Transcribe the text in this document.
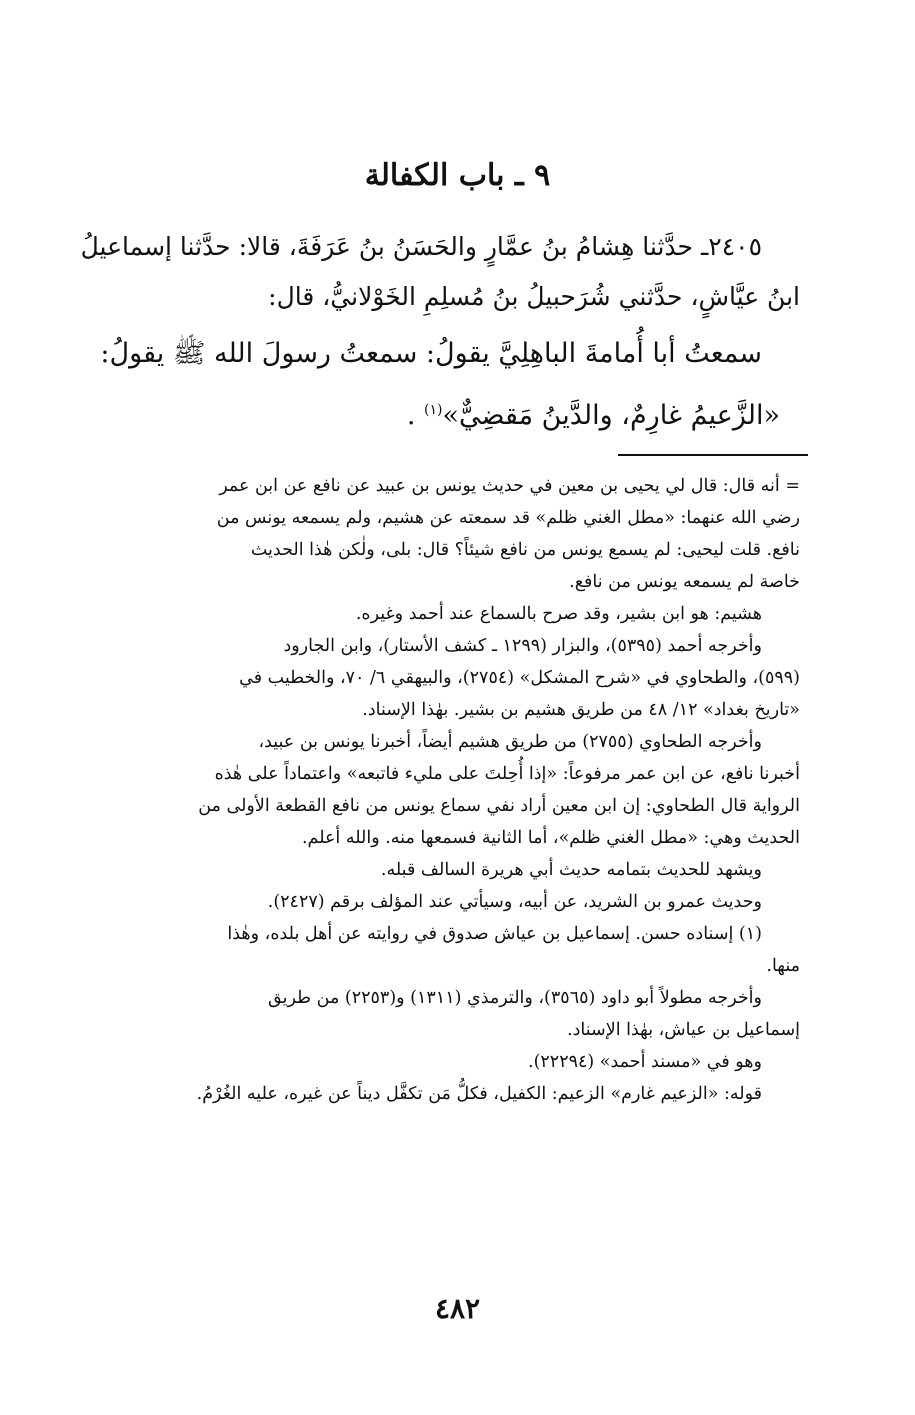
٩ ـ باب الكفالة
٢٤٠٥ـ حدَّثنا هِشامُ بنُ عمَّارٍ والحَسَنُ بنُ عَرَفَةَ، قالا: حدَّثنا إسماعيلُ
ابنُ عيَّاشٍ، حدَّثني شُرَحبيلُ بنُ مُسلِمِ الخَوْلانيُّ، قال:
سمعتُ أبا أُمامةَ الباهِلِيَّ يقولُ: سمعتُ رسولَ الله ﷺ يقولُ:
«الزَّعيمُ غارِمٌ، والدَّينُ مَقضِيٌّ»$^{(١)}$ .
= أنه قال: قال لي يحيى بن معين في حديث يونس بن عبيد عن نافع عن ابن عمر
رضي الله عنهما: «مطل الغني ظلم» قد سمعته عن هشيم، ولم يسمعه يونس من
نافع. قلت ليحيى: لم يسمع يونس من نافع شيئاً؟ قال: بلى، ولٰكن هٰذا الحديث
خاصة لم يسمعه يونس من نافع.
هشيم: هو ابن بشير، وقد صرح بالسماع عند أحمد وغيره.
وأخرجه أحمد (٥٣٩٥)، والبزار (١٢٩٩ ـ كشف الأستار)، وابن الجارود
(٥٩٩)، والطحاوي في «شرح المشكل» (٢٧٥٤)، والبيهقي ٦/ ٧٠، والخطيب في
«تاريخ بغداد» ١٢/ ٤٨ من طريق هشيم بن بشير. بهٰذا الإسناد.
وأخرجه الطحاوي (٢٧٥٥) من طريق هشيم أيضاً، أخبرنا يونس بن عبيد،
أخبرنا نافع، عن ابن عمر مرفوعاً: «إذا أُحِلتَ على مليء فاتبعه» واعتماداً على هٰذه
الرواية قال الطحاوي: إن ابن معين أراد نفي سماع يونس من نافع القطعة الأولى من
الحديث وهي: «مطل الغني ظلم»، أما الثانية فسمعها منه. والله أعلم.
ويشهد للحديث بتمامه حديث أبي هريرة السالف قبله.
وحديث عمرو بن الشريد، عن أبيه، وسيأتي عند المؤلف برقم (٢٤٢٧).
(١) إسناده حسن. إسماعيل بن عياش صدوق في روايته عن أهل بلده، وهٰذا
منها.
وأخرجه مطولاً أبو داود (٣٥٦٥)، والترمذي (١٣١١) و(٢٢٥٣) من طريق
إسماعيل بن عياش، بهٰذا الإسناد.
وهو في «مسند أحمد» (٢٢٢٩٤).
قوله: «الزعيم غارم» الزعيم: الكفيل، فكلُّ مَن تكفَّل ديناً عن غيره، عليه الغُرْمُ.
٤٨٢
